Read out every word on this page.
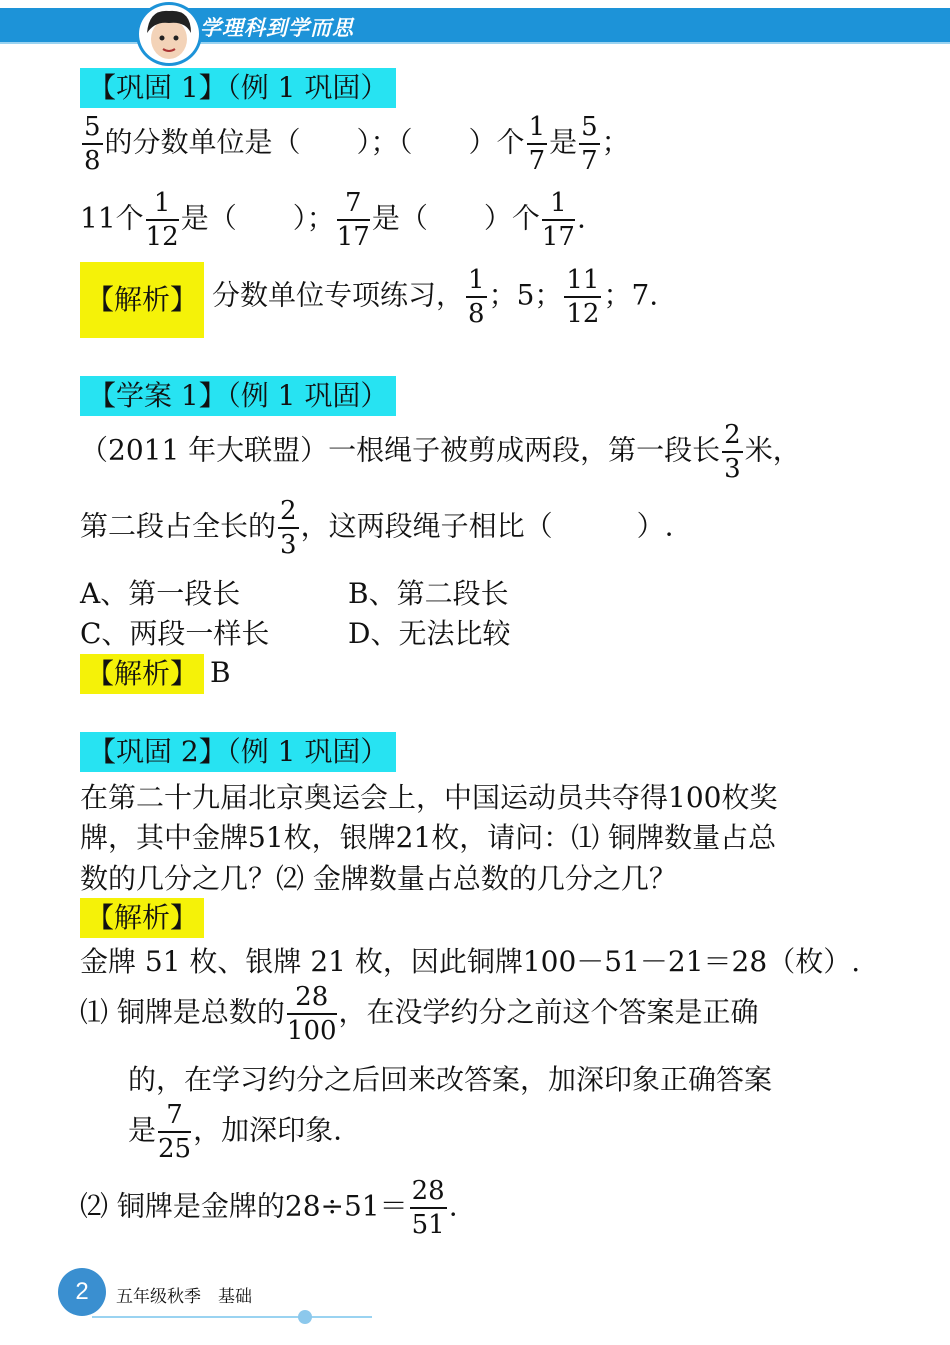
学理科到学而思
【巩固 1】（例 1 巩固）
$\frac{5}{8}$ 的分数单位是（　　）；（　　）个 $\frac{1}{7}$ 是 $\frac{5}{7}$ ；
11个 $\frac{1}{12}$ 是（　　）； $\frac{7}{17}$ 是（　　）个 $\frac{1}{17}$ .
【解析】 分数单位专项练习， $\frac{1}{8}$ ；5； $\frac{11}{12}$ ；7.
【学案 1】（例 1 巩固）
（2011 年大联盟）一根绳子被剪成两段，第一段长 $\frac{2}{3}$ 米，
第二段占全长的 $\frac{2}{3}$ ，这两段绳子相比（　　　）.
A、第一段长	B、第二段长
C、两段一样长	D、无法比较
【解析】 B
【巩固 2】（例 1 巩固）
在第二十九届北京奥运会上，中国运动员共夺得100枚奖
牌，其中金牌51枚，银牌21枚，请问：⑴ 铜牌数量占总
数的几分之几？⑵ 金牌数量占总数的几分之几？
【解析】
金牌 51 枚、银牌 21 枚，因此铜牌100－51－21＝28（枚）.
⑴ 铜牌是总数的 $\frac{28}{100}$ ，在没学约分之前这个答案是正确
的，在学习约分之后回来改答案，加深印象正确答案
是 $\frac{7}{25}$ ，加深印象.
⑵ 铜牌是金牌的$28\div 51= \frac{28}{51}$ .
2	五年级秋季　基础
